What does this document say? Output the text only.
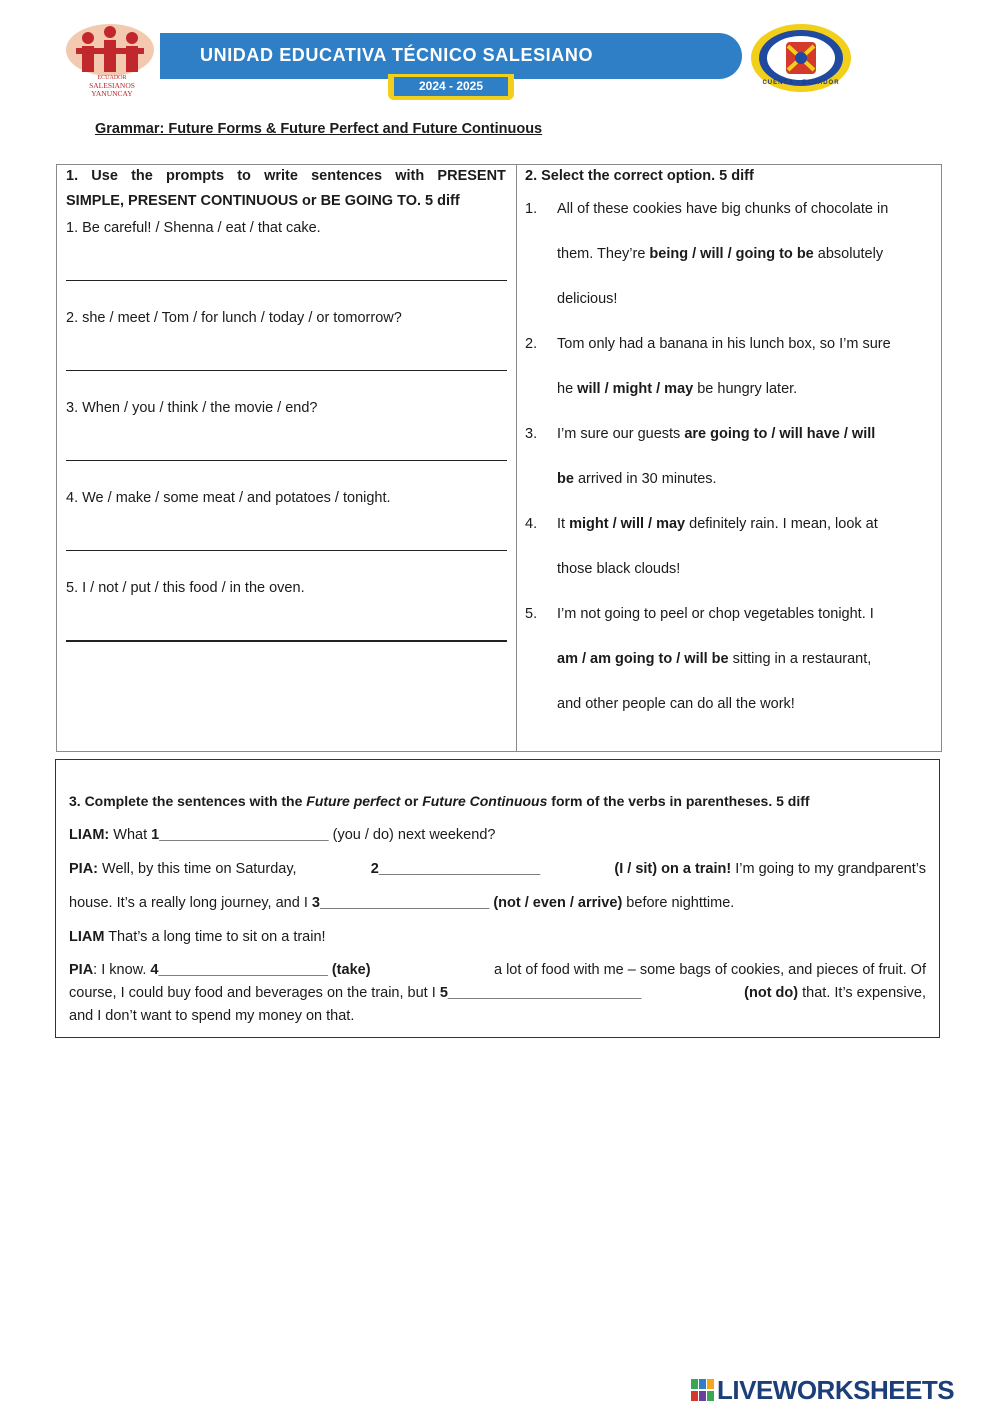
ECUADOR
SALESIANOS YANUNCAY
UNIDAD EDUCATIVA TÉCNICO SALESIANO
2024 - 2025	CUENCA - ECUADOR
Grammar: Future Forms & Future Perfect and Future Continuous
1. Use the prompts to write sentences with PRESENT
SIMPLE, PRESENT CONTINUOUS or BE GOING TO. 5 diff
1. Be careful! / Shenna / eat / that cake.
2. she / meet / Tom / for lunch / today / or tomorrow?
3. When / you / think / the movie / end?
4. We / make / some meat / and potatoes / tonight.
5. I / not / put / this food / in the oven.
2. Select the correct option. 5 diff
1.	All of these cookies have big chunks of chocolate in
them. They’re being / will / going to be absolutely
delicious!
2.	Tom only had a banana in his lunch box, so I’m sure
he will / might / may be hungry later.
3.	I’m sure our guests are going to / will have / will
be arrived in 30 minutes.
4.	It might / will / may definitely rain. I mean, look at
those black clouds!
5.	I’m not going to peel or chop vegetables tonight. I
am / am going to / will be sitting in a restaurant,
and other people can do all the work!
3. Complete the sentences with the Future perfect or Future Continuous form of the verbs in parentheses. 5 diff
LIAM: What 1_____________________ (you / do) next weekend?
PIA: Well, by this time on Saturday,	2____________________	(I / sit) on a train! I’m going to my grandparent’s
house. It’s a really long journey, and I 3_____________________ (not / even / arrive) before nighttime.
LIAM That’s a long time to sit on a train!
PIA: I know. 4_____________________ (take)	a lot of food with me – some bags of cookies, and pieces of fruit. Of
course, I could buy food and beverages on the train, but I 5________________________	(not do) that. It’s expensive,
and I don’t want to spend my money on that.
LIVEWORKSHEETS
